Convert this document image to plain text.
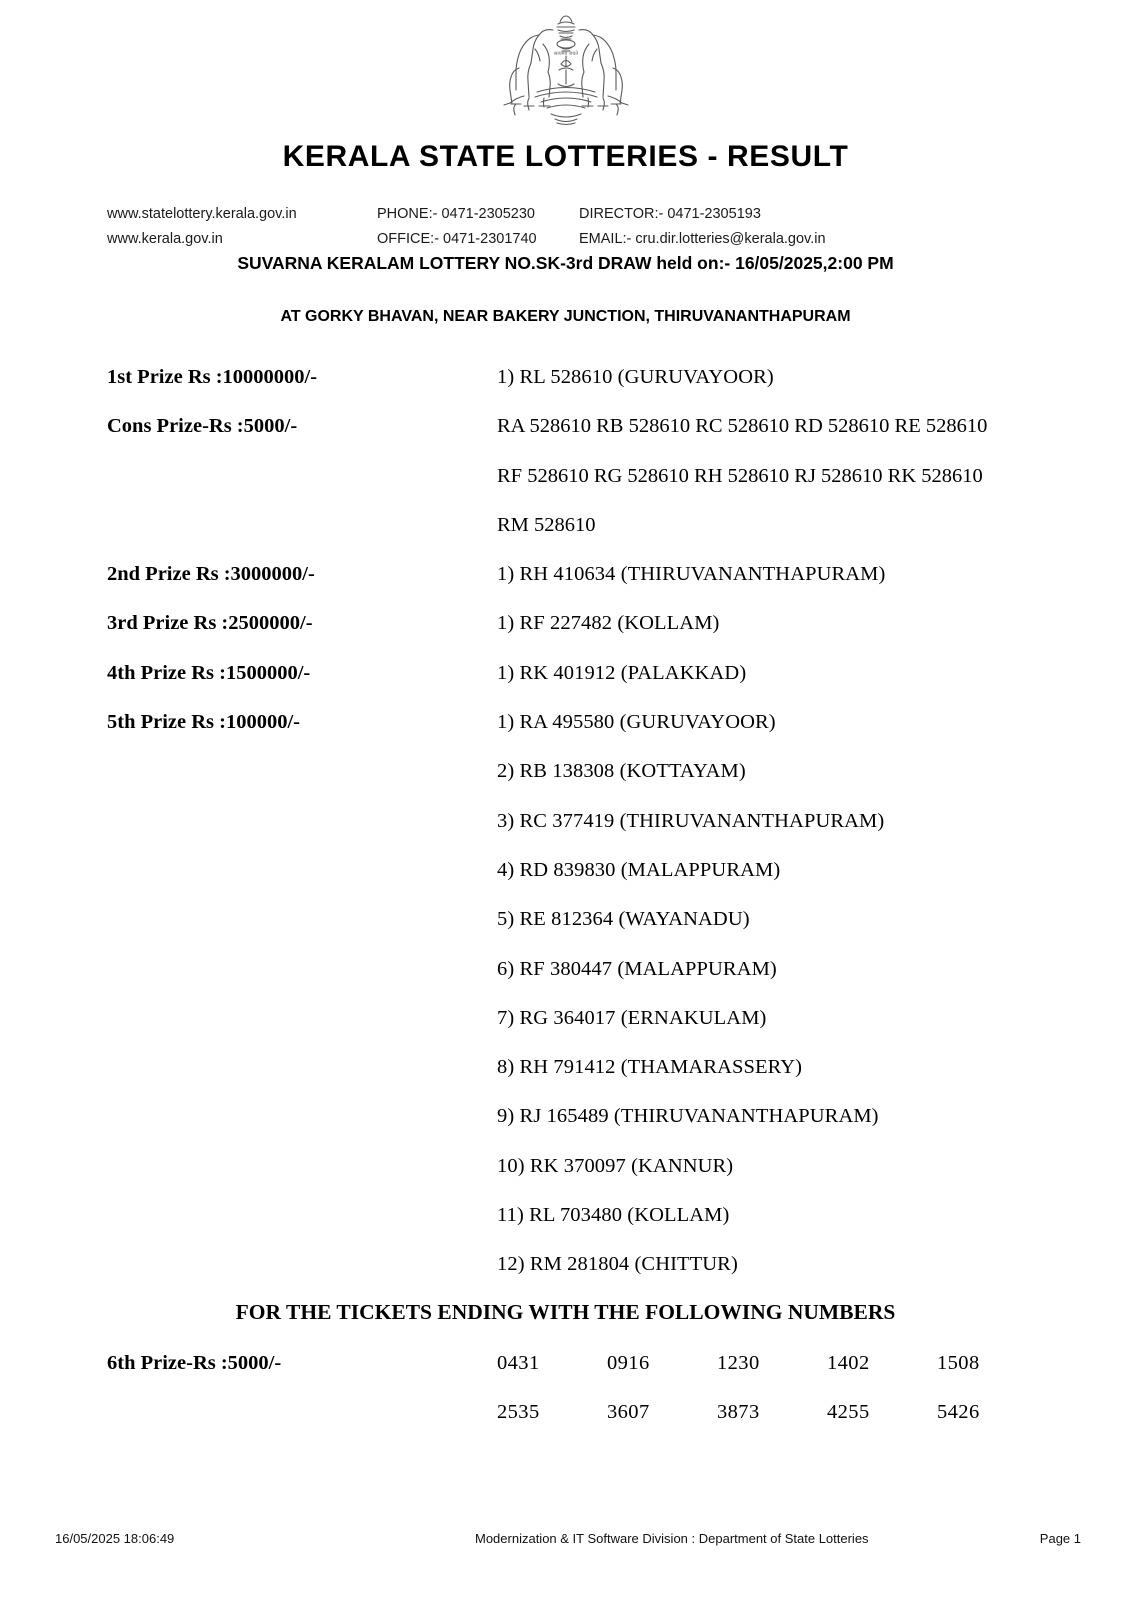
सत्यमेव जयते
KERALA STATE LOTTERIES - RESULT
www.statelottery.kerala.gov.in	PHONE:- 0471-2305230	DIRECTOR:- 0471-2305193
www.kerala.gov.in	OFFICE:- 0471-2301740	EMAIL:- cru.dir.lotteries@kerala.gov.in
SUVARNA KERALAM LOTTERY NO.SK-3rd DRAW held on:- 16/05/2025,2:00 PM
AT GORKY BHAVAN, NEAR BAKERY JUNCTION, THIRUVANANTHAPURAM
1st Prize Rs :10000000/-	1) RL 528610 (GURUVAYOOR)
Cons Prize-Rs :5000/-	RA 528610 RB 528610 RC 528610 RD 528610 RE 528610
RF 528610 RG 528610 RH 528610 RJ 528610 RK 528610
RM 528610
2nd Prize Rs :3000000/-	1) RH 410634 (THIRUVANANTHAPURAM)
3rd Prize Rs :2500000/-	1) RF 227482 (KOLLAM)
4th Prize Rs :1500000/-	1) RK 401912 (PALAKKAD)
5th Prize Rs :100000/-	1) RA 495580 (GURUVAYOOR)
2) RB 138308 (KOTTAYAM)
3) RC 377419 (THIRUVANANTHAPURAM)
4) RD 839830 (MALAPPURAM)
5) RE 812364 (WAYANADU)
6) RF 380447 (MALAPPURAM)
7) RG 364017 (ERNAKULAM)
8) RH 791412 (THAMARASSERY)
9) RJ 165489 (THIRUVANANTHAPURAM)
10) RK 370097 (KANNUR)
11) RL 703480 (KOLLAM)
12) RM 281804 (CHITTUR)
FOR THE TICKETS ENDING WITH THE FOLLOWING NUMBERS
6th Prize-Rs :5000/-	0431	0916	1230	1402	1508
2535	3607	3873	4255	5426
16/05/2025 18:06:49	Modernization & IT Software Division : Department of State Lotteries	Page 1
